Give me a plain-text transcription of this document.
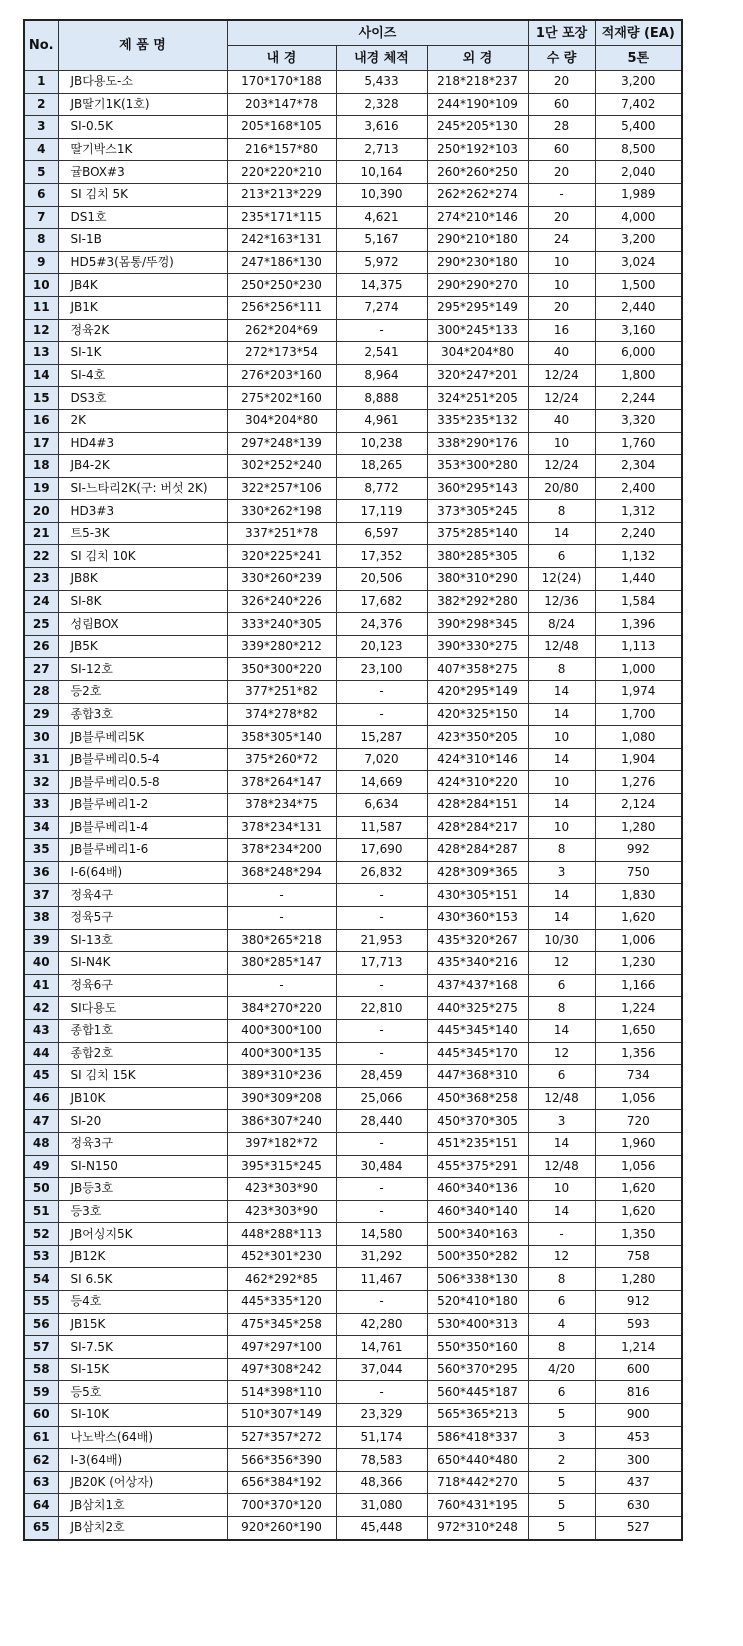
No.	제 품 명	사이즈			1단 포장	적재량 (EA)
		내 경	내경 체적	외 경	수 량	5톤
1	JB다용도-소	170*170*188	5,433	218*218*237	20	3,200
2	JB딸기1K(1호)	203*147*78	2,328	244*190*109	60	7,402
3	SI-0.5K	205*168*105	3,616	245*205*130	28	5,400
4	딸기박스1K	216*157*80	2,713	250*192*103	60	8,500
5	귤BOX#3	220*220*210	10,164	260*260*250	20	2,040
6	SI 김치 5K	213*213*229	10,390	262*262*274	-	1,989
7	DS1호	235*171*115	4,621	274*210*146	20	4,000
8	SI-1B	242*163*131	5,167	290*210*180	24	3,200
9	HD5#3(몸통/뚜껑)	247*186*130	5,972	290*230*180	10	3,024
10	JB4K	250*250*230	14,375	290*290*270	10	1,500
11	JB1K	256*256*111	7,274	295*295*149	20	2,440
12	정육2K	262*204*69	-	300*245*133	16	3,160
13	SI-1K	272*173*54	2,541	304*204*80	40	6,000
14	SI-4호	276*203*160	8,964	320*247*201	12/24	1,800
15	DS3호	275*202*160	8,888	324*251*205	12/24	2,244
16	2K	304*204*80	4,961	335*235*132	40	3,320
17	HD4#3	297*248*139	10,238	338*290*176	10	1,760
18	JB4-2K	302*252*240	18,265	353*300*280	12/24	2,304
19	SI-느타리2K(구: 버섯 2K)	322*257*106	8,772	360*295*143	20/80	2,400
20	HD3#3	330*262*198	17,119	373*305*245	8	1,312
21	트5-3K	337*251*78	6,597	375*285*140	14	2,240
22	SI 김치 10K	320*225*241	17,352	380*285*305	6	1,132
23	JB8K	330*260*239	20,506	380*310*290	12(24)	1,440
24	SI-8K	326*240*226	17,682	382*292*280	12/36	1,584
25	성림BOX	333*240*305	24,376	390*298*345	8/24	1,396
26	JB5K	339*280*212	20,123	390*330*275	12/48	1,113
27	SI-12호	350*300*220	23,100	407*358*275	8	1,000
28	등2호	377*251*82	-	420*295*149	14	1,974
29	종합3호	374*278*82	-	420*325*150	14	1,700
30	JB블루베리5K	358*305*140	15,287	423*350*205	10	1,080
31	JB블루베리0.5-4	375*260*72	7,020	424*310*146	14	1,904
32	JB블루베리0.5-8	378*264*147	14,669	424*310*220	10	1,276
33	JB블루베리1-2	378*234*75	6,634	428*284*151	14	2,124
34	JB블루베리1-4	378*234*131	11,587	428*284*217	10	1,280
35	JB블루베리1-6	378*234*200	17,690	428*284*287	8	992
36	I-6(64배)	368*248*294	26,832	428*309*365	3	750
37	정육4구	-	-	430*305*151	14	1,830
38	정육5구	-	-	430*360*153	14	1,620
39	SI-13호	380*265*218	21,953	435*320*267	10/30	1,006
40	SI-N4K	380*285*147	17,713	435*340*216	12	1,230
41	정육6구	-	-	437*437*168	6	1,166
42	SI다용도	384*270*220	22,810	440*325*275	8	1,224
43	종합1호	400*300*100	-	445*345*140	14	1,650
44	종합2호	400*300*135	-	445*345*170	12	1,356
45	SI 김치 15K	389*310*236	28,459	447*368*310	6	734
46	JB10K	390*309*208	25,066	450*368*258	12/48	1,056
47	SI-20	386*307*240	28,440	450*370*305	3	720
48	정육3구	397*182*72	-	451*235*151	14	1,960
49	SI-N150	395*315*245	30,484	455*375*291	12/48	1,056
50	JB등3호	423*303*90	-	460*340*136	10	1,620
51	등3호	423*303*90	-	460*340*140	14	1,620
52	JB어싱지5K	448*288*113	14,580	500*340*163	-	1,350
53	JB12K	452*301*230	31,292	500*350*282	12	758
54	SI 6.5K	462*292*85	11,467	506*338*130	8	1,280
55	등4호	445*335*120	-	520*410*180	6	912
56	JB15K	475*345*258	42,280	530*400*313	4	593
57	SI-7.5K	497*297*100	14,761	550*350*160	8	1,214
58	SI-15K	497*308*242	37,044	560*370*295	4/20	600
59	등5호	514*398*110	-	560*445*187	6	816
60	SI-10K	510*307*149	23,329	565*365*213	5	900
61	나노박스(64배)	527*357*272	51,174	586*418*337	3	453
62	I-3(64배)	566*356*390	78,583	650*440*480	2	300
63	JB20K (어상자)	656*384*192	48,366	718*442*270	5	437
64	JB삼치1호	700*370*120	31,080	760*431*195	5	630
65	JB삼치2호	920*260*190	45,448	972*310*248	5	527
